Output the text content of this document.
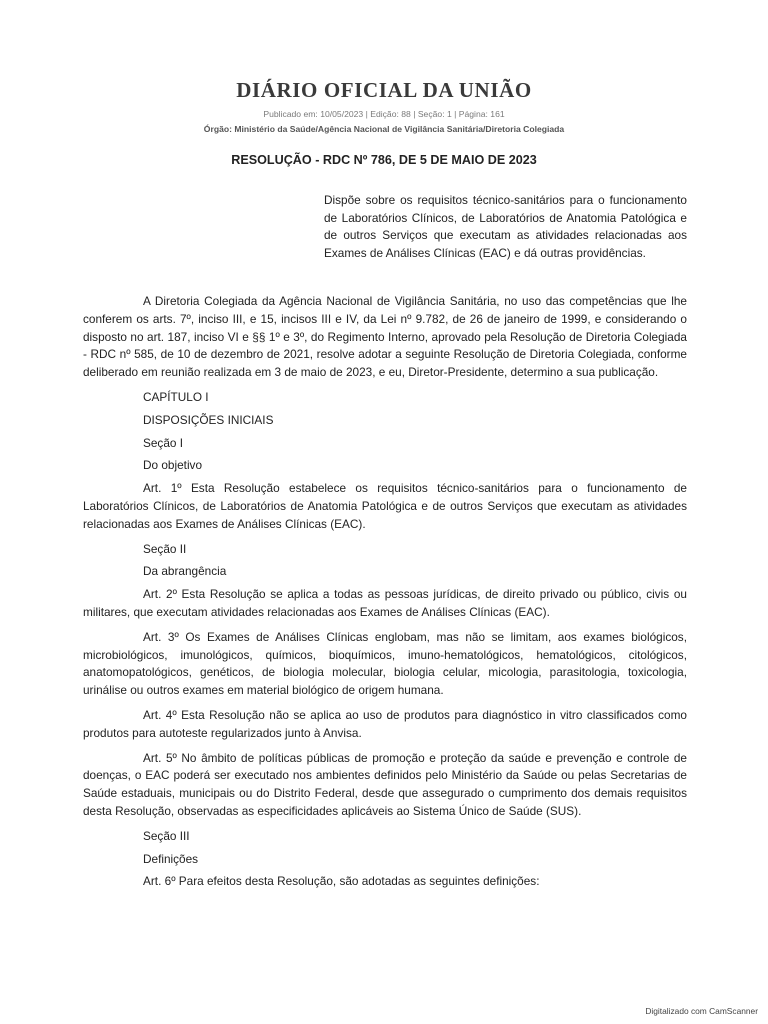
DIÁRIO OFICIAL DA UNIÃO
Publicado em: 10/05/2023 | Edição: 88 | Seção: 1 | Página: 161
Órgão: Ministério da Saúde/Agência Nacional de Vigilância Sanitária/Diretoria Colegiada
RESOLUÇÃO - RDC Nº 786, DE 5 DE MAIO DE 2023
Dispõe sobre os requisitos técnico-sanitários para o funcionamento de Laboratórios Clínicos, de Laboratórios de Anatomia Patológica e de outros Serviços que executam as atividades relacionadas aos Exames de Análises Clínicas (EAC) e dá outras providências.

A Diretoria Colegiada da Agência Nacional de Vigilância Sanitária, no uso das competências que lhe conferem os arts. 7º, inciso III, e 15, incisos III e IV, da Lei nº 9.782, de 26 de janeiro de 1999, e considerando o disposto no art. 187, inciso VI e §§ 1º e 3º, do Regimento Interno, aprovado pela Resolução de Diretoria Colegiada - RDC nº 585, de 10 de dezembro de 2021, resolve adotar a seguinte Resolução de Diretoria Colegiada, conforme deliberado em reunião realizada em 3 de maio de 2023, e eu, Diretor-Presidente, determino a sua publicação.

CAPÍTULO I

DISPOSIÇÕES INICIAIS

Seção I

Do objetivo

Art. 1º Esta Resolução estabelece os requisitos técnico-sanitários para o funcionamento de Laboratórios Clínicos, de Laboratórios de Anatomia Patológica e de outros Serviços que executam as atividades relacionadas aos Exames de Análises Clínicas (EAC).

Seção II

Da abrangência

Art. 2º Esta Resolução se aplica a todas as pessoas jurídicas, de direito privado ou público, civis ou militares, que executam atividades relacionadas aos Exames de Análises Clínicas (EAC).

Art. 3º Os Exames de Análises Clínicas englobam, mas não se limitam, aos exames biológicos, microbiológicos, imunológicos, químicos, bioquímicos, imuno-hematológicos, hematológicos, citológicos, anatomopatológicos, genéticos, de biologia molecular, biologia celular, micologia, parasitologia, toxicologia, urinálise ou outros exames em material biológico de origem humana.

Art. 4º Esta Resolução não se aplica ao uso de produtos para diagnóstico in vitro classificados como produtos para autoteste regularizados junto à Anvisa.

Art. 5º No âmbito de políticas públicas de promoção e proteção da saúde e prevenção e controle de doenças, o EAC poderá ser executado nos ambientes definidos pelo Ministério da Saúde ou pelas Secretarias de Saúde estaduais, municipais ou do Distrito Federal, desde que assegurado o cumprimento dos demais requisitos desta Resolução, observadas as especificidades aplicáveis ao Sistema Único de Saúde (SUS).

Seção III

Definições

Art. 6º Para efeitos desta Resolução, são adotadas as seguintes definições:

Digitalizado com CamScanner
